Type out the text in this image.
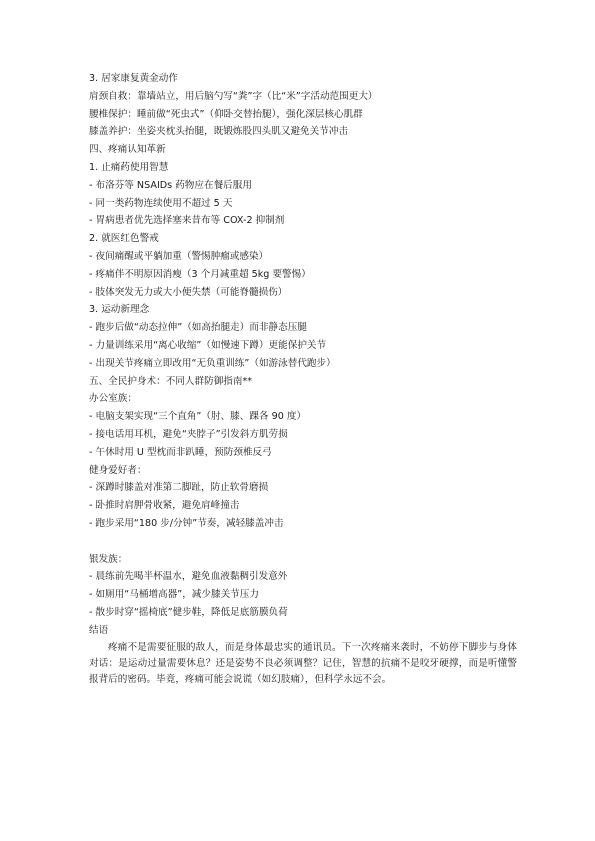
3. 居家康复黄金动作
肩颈自救：靠墙站立，用后脑勺写“粪”字（比“米”字活动范围更大）
腰椎保护：睡前做“死虫式”（仰卧交替抬腿），强化深层核心肌群
膝盖养护：坐姿夹枕头抬腿，既锻炼股四头肌又避免关节冲击
四、疼痛认知革新
1. 止痛药使用智慧
- 布洛芬等 NSAIDs 药物应在餐后服用
- 同一类药物连续使用不超过 5 天
- 胃病患者优先选择塞来昔布等 COX-2 抑制剂
2. 就医红色警戒
- 夜间痛醒或平躺加重（警惕肿瘤或感染）
- 疼痛伴不明原因消瘦（3 个月减重超 5kg 要警惕）
- 肢体突发无力或大小便失禁（可能脊髓损伤）
3. 运动新理念
- 跑步后做“动态拉伸”（如高抬腿走）而非静态压腿
- 力量训练采用“离心收缩”（如慢速下蹲）更能保护关节
- 出现关节疼痛立即改用“无负重训练”（如游泳替代跑步）
五、全民护身术：不同人群防御指南**
办公室族：
- 电脑支架实现“三个直角”（肘、膝、踝各 90 度）
- 接电话用耳机，避免“夹脖子”引发斜方肌劳损
- 午休时用 U 型枕而非趴睡，预防颈椎反弓
健身爱好者：
- 深蹲时膝盖对准第二脚趾，防止软骨磨损
- 卧推时肩胛骨收紧，避免肩峰撞击
- 跑步采用“180 步/分钟”节奏，减轻膝盖冲击
银发族：
- 晨练前先喝半杯温水，避免血液黏稠引发意外
- 如厕用“马桶增高器”，减少膝关节压力
- 散步时穿“摇椅底”健步鞋，降低足底筋膜负荷
结语

疼痛不是需要征服的敌人，而是身体最忠实的通讯员。下一次疼痛来袭时，不妨停下脚步与身体对话：是运动过量需要休息？还是姿势不良必须调整？记住，智慧的抗痛不是咬牙硬撑，而是听懂警报背后的密码。毕竟，疼痛可能会说谎（如幻肢痛），但科学永远不会。
